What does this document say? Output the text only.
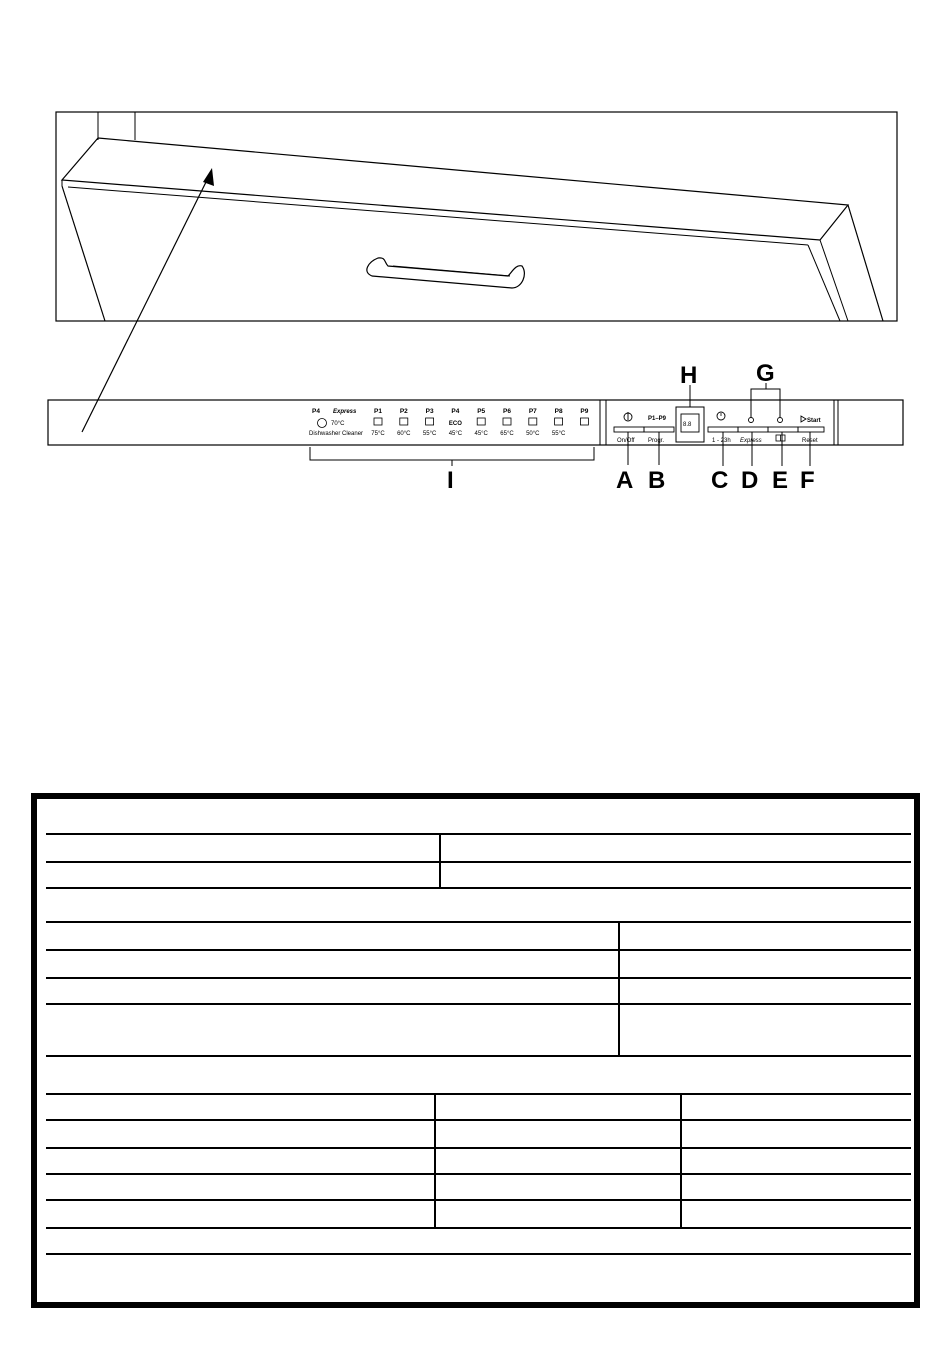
P4 Express
70°C
Dishwasher Cleaner
P1
75°C
P2
60°C
P3
55°C
P4
ECO
45°C
P5
45°C
P6
65°C
P7
50°C
P8
55°C
P9
On/Off
P1–P9
Progr.
8.8
1 - 23h Express
Start
Reset
A B C D E F
G
H
I
